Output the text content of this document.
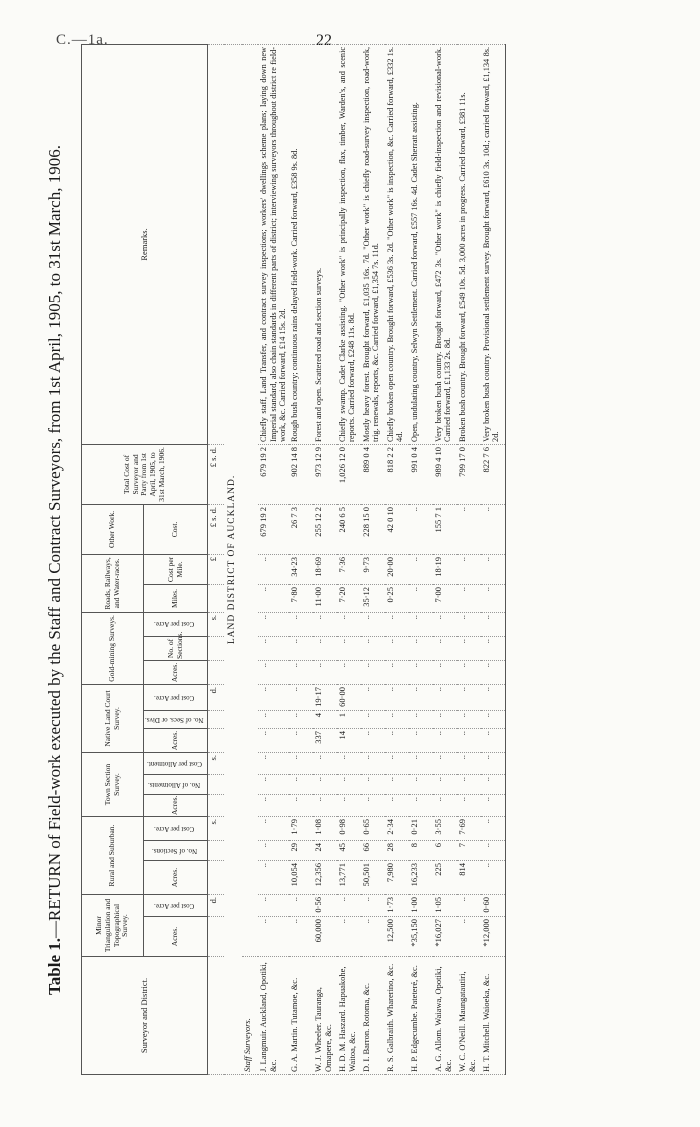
C.—1a.	22
Table 1.—RETURN of Field-work executed by the Staff and Contract Surveyors, from 1st April, 1905, to 31st March, 1906.
Surveyor and District.	Minor Triangulation and Topographical Survey.		Rural and Suburban.			Town Section Survey.			Native Land Court Survey.			Gold-mining Surveys.			Roads, Railways, and Water-races.		Other Work.	Total Cost of Surveyor and Party from 1st April, 1905, to 31st March, 1906.	Remarks.
	Acres.	Cost per Acre.	Acres.	No. of Sections.	Cost per Acre.	Acres.	No. of Allotments.	Cost per Allotment.	Acres.	No. of Secs. or Divs.	Cost per Acre.	Acres.	No. of Sections.	Cost per Acre.	Miles.	Cost per Mile.	Cost.		
		d.			s.			s.			d.			s.		£	£ s. d.	£ s. d.	
LAND DISTRICT OF AUCKLAND.																			
Staff Surveyors.																			
J. Langmuir. Auckland, Opotiki, &c.	..	..	..	..	..	..	..	..	..	..	..	..	..	..	..	..	679 19 2	679 19 2	Chiefly staff, Land Transfer, and contract survey inspections; workers' dwellings scheme plans; laying down new Imperial standard, also chain standards in different parts of district; interviewing surveyors throughout district re field-work, &c. Carried forward, £14 15s. 2d.
G. A. Martin. Tutamoe, &c.	..	..	10,054	29	1·79	..	..	..	..	..	..	..	..	..	7·80	34·23	26 7 3	902 14 8	Rough bush country; continuous rains delayed field-work. Carried forward, £358 9s. 8d.
W. J. Wheeler. Tauranga, Omapere, &c.	60,000	0·56	12,356	24	1·08	..	..	..	337	4	19·17	..	..	..	11·00	18·69	255 12 2	973 12 9	Forest and open. Scattered road and section surveys.
H. D. M. Haszard. Hapuakohe, Waitoa, &c.	..	..	13,771	45	0·98	..	..	..	14	1	60·00	..	..	..	7·20	7·36	240 6 5	1,026 12 0	Chiefly swamp. Cadet Clarke assisting. "Other work" is principally inspection, flax, timber, Warden's, and scenic reports. Carried forward, £248 11s. 8d.
D. I. Barron. Rotoma, &c.	..	..	50,501	66	0·65	..	..	..	..	..	..	..	..	..	35·12	9·73	228 15 0	889 0 4	Mostly heavy forest. Brought forward, £1,035 16s. 7d. "Other work" is chiefly road-survey inspection, road-work, trig. renewals, reports, &c. Carried forward, £1,354 7s. 11d.
R. S. Galbraith. Wharerino, &c.	12,500	1·73	7,980	28	2·34	..	..	..	..	..	..	..	..	..	0·25	20·00	42 0 10	818 2 2	Chiefly broken open country. Brought forward, £536 3s. 2d. "Other work" is inspection, &c. Carried forward, £332 1s. 4d.
H. P. Edgecumbe. Pateteré, &c.	*35,150	1·00	16,233	8	0·21	..	..	..	..	..	..	..	..	..	..	..	..	991 0 4	Open, undulating country, Selwyn Settlement. Carried forward, £557 16s. 4d. Cadet Sherratt assisting.
A. G. Allom. Waiawa, Opotiki, &c.	*16,027	1·05	225	6	3·55	..	..	..	..	..	..	..	..	..	7·00	18·19	155 7 1	989 4 10	Very broken bush country. Brought forward, £472 3s. "Other work" is chiefly field-inspection and revisional-work. Carried forward, £1,133 2s. 8d.
W. C. O'Neill. Maungatautiri, &c.	..	..	814	7	7·69	..	..	..	..	..	..	..	..	..	..	..	..	799 17 0	Broken bush country. Brought forward, £549 10s. 5d. 3,000 acres in progress. Carried forward, £381 11s.
H. T. Mitchell. Waioeka, &c.	*12,000	0·60	..	..	..	..	..	..	..	..	..	..	..	..	..	..	..	822 7 6	Very broken bush country. Provisional settlement survey. Brought forward, £610 3s. 10d.; carried forward, £1,134 8s. 2d.
